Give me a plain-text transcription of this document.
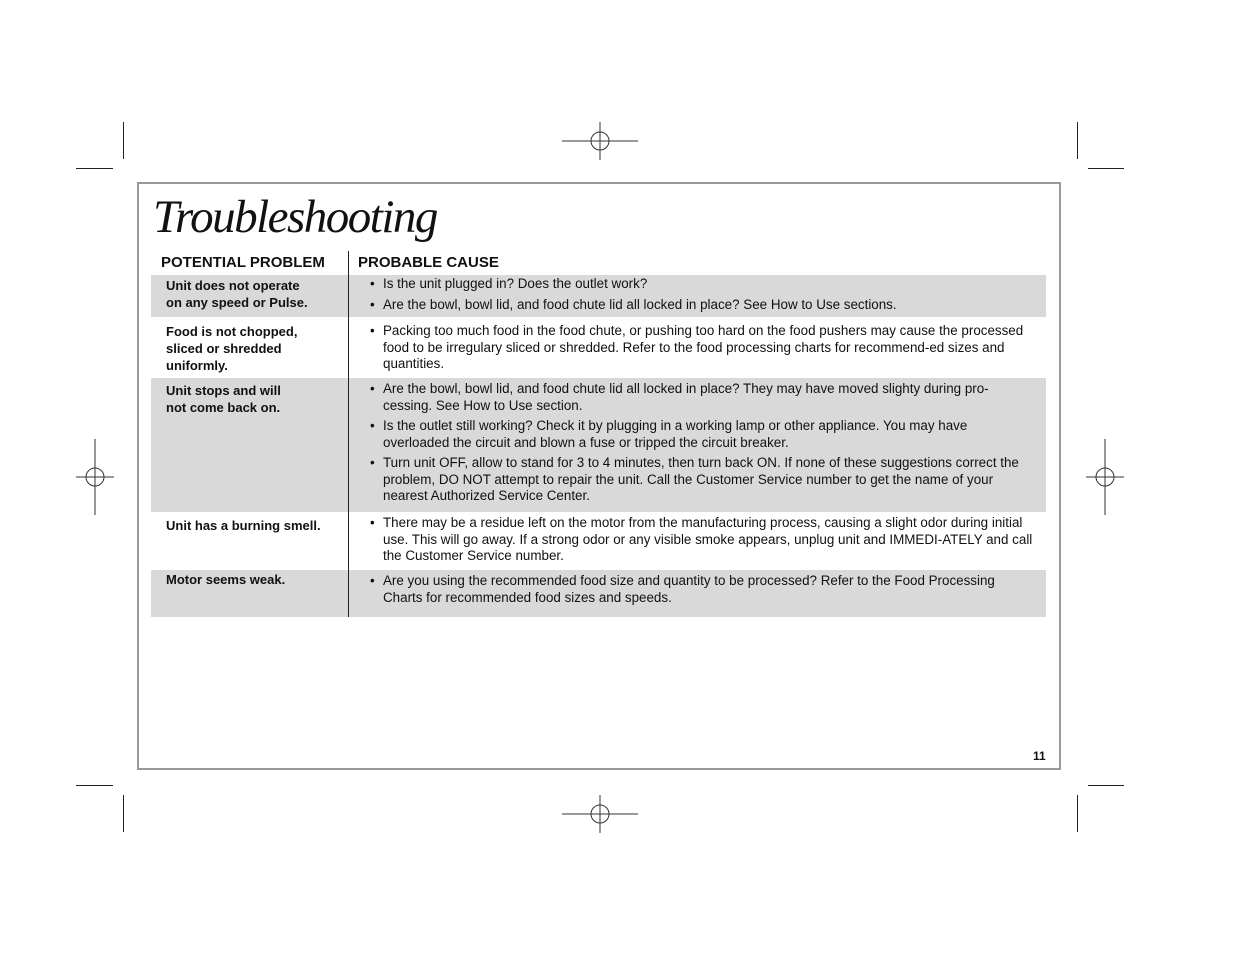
Troubleshooting
POTENTIAL PROBLEM PROBABLE CAUSE
Unit does not operate
on any speed or Pulse.
• Is the unit plugged in? Does the outlet work?
• Are the bowl, bowl lid, and food chute lid all locked in place? See How to Use sections.
Food is not chopped,
sliced or shredded
uniformly.
• Packing too much food in the food chute, or pushing too hard on the food pushers may cause the processed food to be irregulary sliced or shredded. Refer to the food processing charts for recommend-ed sizes and quantities.
Unit stops and will
not come back on.
• Are the bowl, bowl lid, and food chute lid all locked in place? They may have moved slighty during pro-cessing. See How to Use section.
• Is the outlet still working? Check it by plugging in a working lamp or other appliance. You may have overloaded the circuit and blown a fuse or tripped the circuit breaker.
• Turn unit OFF, allow to stand for 3 to 4 minutes, then turn back ON. If none of these suggestions correct the problem, DO NOT attempt to repair the unit. Call the Customer Service number to get the name of your nearest Authorized Service Center.
Unit has a burning smell.	• There may be a residue left on the motor from the manufacturing process, causing a slight odor during initial use. This will go away. If a strong odor or any visible smoke appears, unplug unit and IMMEDI-ATELY and call the Customer Service number.
Motor seems weak.	• Are you using the recommended food size and quantity to be processed? Refer to the Food Processing Charts for recommended food sizes and speeds.
11
